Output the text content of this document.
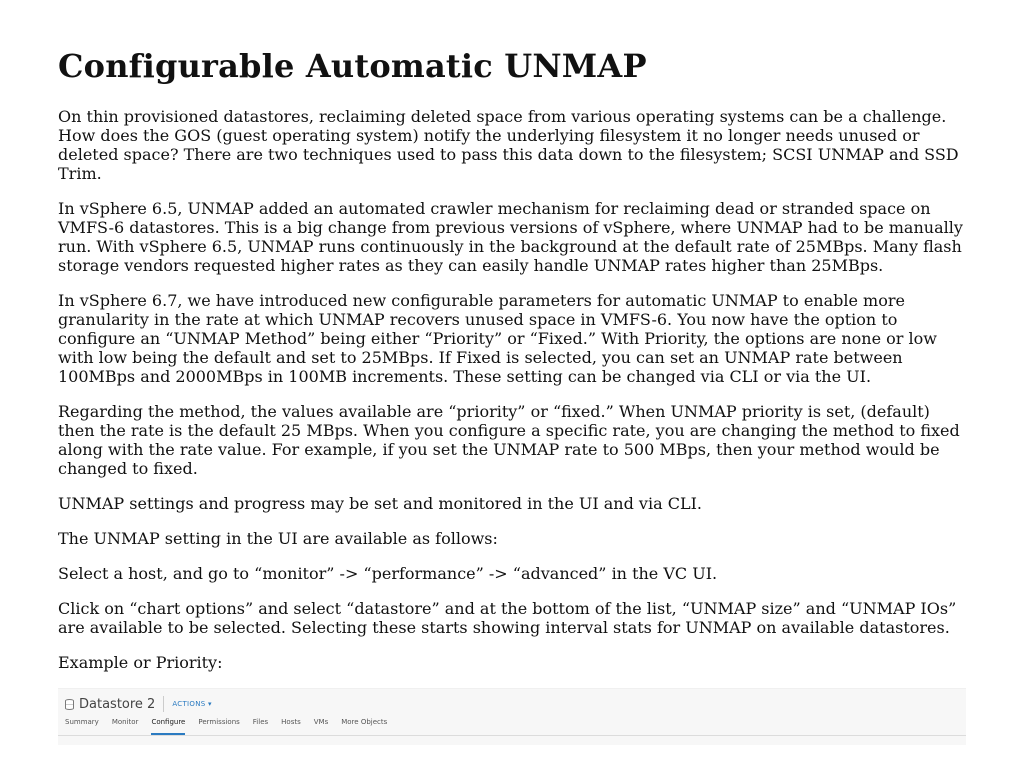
Configurable Automatic UNMAP

On thin provisioned datastores, reclaiming deleted space from various operating systems can be a challenge. How does the GOS (guest operating system) notify the underlying filesystem it no longer needs unused or deleted space? There are two techniques used to pass this data down to the filesystem; SCSI UNMAP and SSD Trim.

In vSphere 6.5, UNMAP added an automated crawler mechanism for reclaiming dead or stranded space on VMFS-6 datastores. This is a big change from previous versions of vSphere, where UNMAP had to be manually run. With vSphere 6.5, UNMAP runs continuously in the background at the default rate of 25MBps. Many flash storage vendors requested higher rates as they can easily handle UNMAP rates higher than 25MBps.

In vSphere 6.7, we have introduced new configurable parameters for automatic UNMAP to enable more granularity in the rate at which UNMAP recovers unused space in VMFS-6. You now have the option to configure an “UNMAP Method” being either “Priority” or “Fixed.” With Priority, the options are none or low with low being the default and set to 25MBps. If Fixed is selected, you can set an UNMAP rate between 100MBps and 2000MBps in 100MB increments. These setting can be changed via CLI or via the UI.

Regarding the method, the values available are “priority” or “fixed.” When UNMAP priority is set, (default) then the rate is the default 25 MBps. When you configure a specific rate, you are changing the method to fixed along with the rate value. For example, if you set the UNMAP rate to 500 MBps, then your method would be changed to fixed.

UNMAP settings and progress may be set and monitored in the UI and via CLI.

The UNMAP setting in the UI are available as follows:

Select a host, and go to “monitor” -> “performance” -> “advanced” in the VC UI.

Click on “chart options” and select “datastore” and at the bottom of the list, “UNMAP size” and “UNMAP IOs” are available to be selected. Selecting these starts showing interval stats for UNMAP on available datastores.

Example or Priority:

Datastore 2 ACTIONS ▾
Summary Monitor Configure Permissions Files Hosts VMs More Objects
